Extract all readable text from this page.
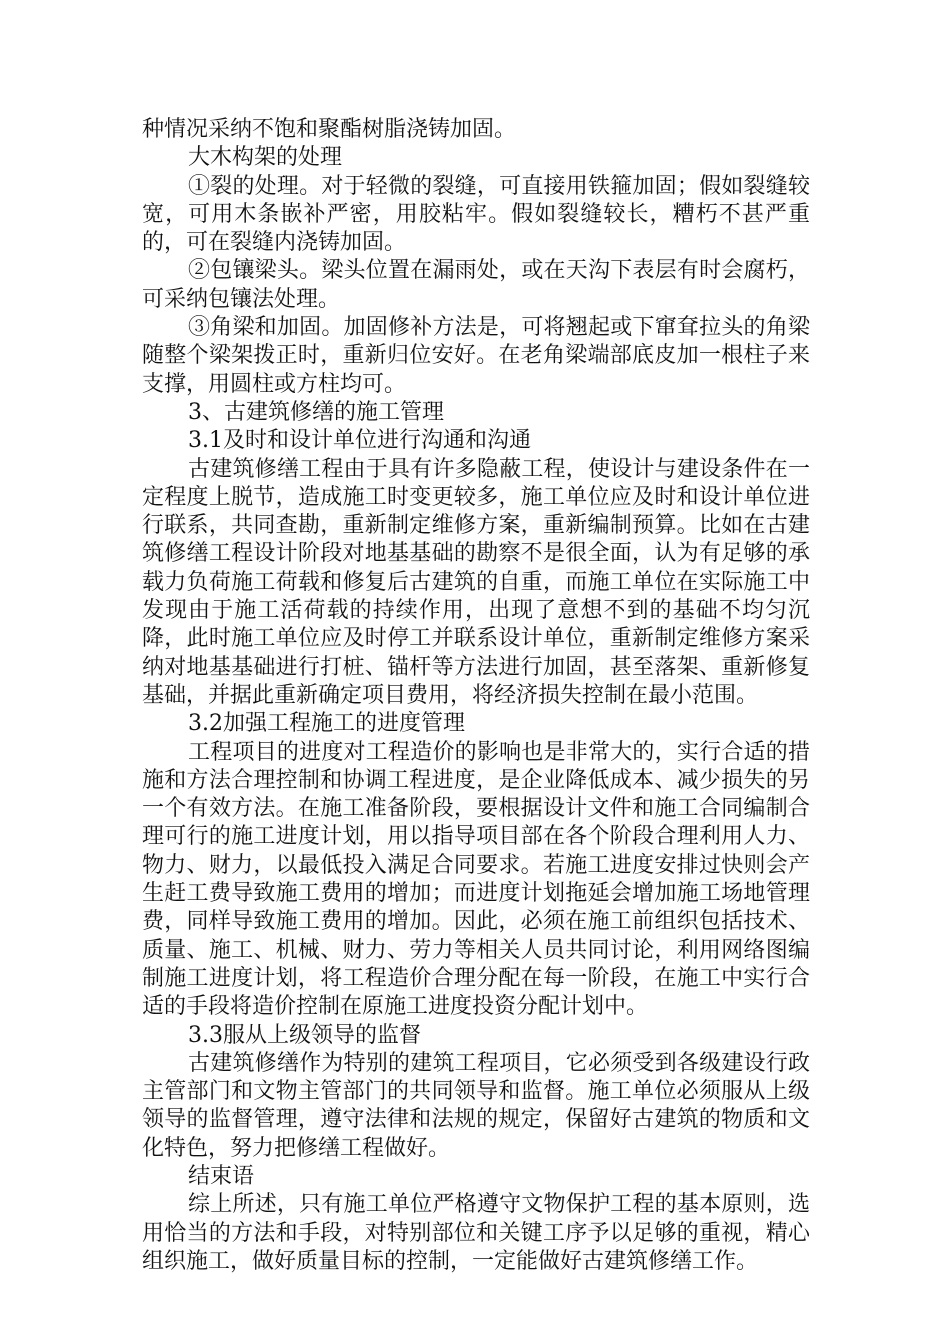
种情况采纳不饱和聚酯树脂浇铸加固。

大木构架的处理

①裂的处理。对于轻微的裂缝，可直接用铁箍加固；假如裂缝较宽，可用木条嵌补严密，用胶粘牢。假如裂缝较长，糟朽不甚严重的，可在裂缝内浇铸加固。

②包镶梁头。梁头位置在漏雨处，或在天沟下表层有时会腐朽，可采纳包镶法处理。

③角梁和加固。加固修补方法是，可将翘起或下窜耷拉头的角梁随整个梁架拨正时，重新归位安好。在老角梁端部底皮加一根柱子来支撑，用圆柱或方柱均可。

3、古建筑修缮的施工管理

3.1及时和设计单位进行沟通和沟通

古建筑修缮工程由于具有许多隐蔽工程，使设计与建设条件在一定程度上脱节，造成施工时变更较多，施工单位应及时和设计单位进行联系，共同查勘，重新制定维修方案，重新编制预算。比如在古建筑修缮工程设计阶段对地基基础的勘察不是很全面，认为有足够的承载力负荷施工荷载和修复后古建筑的自重，而施工单位在实际施工中发现由于施工活荷载的持续作用，出现了意想不到的基础不均匀沉降，此时施工单位应及时停工并联系设计单位，重新制定维修方案采纳对地基基础进行打桩、锚杆等方法进行加固，甚至落架、重新修复基础，并据此重新确定项目费用，将经济损失控制在最小范围。

3.2加强工程施工的进度管理

工程项目的进度对工程造价的影响也是非常大的，实行合适的措施和方法合理控制和协调工程进度，是企业降低成本、减少损失的另一个有效方法。在施工准备阶段，要根据设计文件和施工合同编制合理可行的施工进度计划，用以指导项目部在各个阶段合理利用人力、物力、财力，以最低投入满足合同要求。若施工进度安排过快则会产生赶工费导致施工费用的增加；而进度计划拖延会增加施工场地管理费，同样导致施工费用的增加。因此，必须在施工前组织包括技术、质量、施工、机械、财力、劳力等相关人员共同讨论，利用网络图编制施工进度计划，将工程造价合理分配在每一阶段，在施工中实行合适的手段将造价控制在原施工进度投资分配计划中。

3.3服从上级领导的监督

古建筑修缮作为特别的建筑工程项目，它必须受到各级建设行政主管部门和文物主管部门的共同领导和监督。施工单位必须服从上级领导的监督管理，遵守法律和法规的规定，保留好古建筑的物质和文化特色，努力把修缮工程做好。

结束语

综上所述，只有施工单位严格遵守文物保护工程的基本原则，选用恰当的方法和手段，对特别部位和关键工序予以足够的重视，精心组织施工，做好质量目标的控制，一定能做好古建筑修缮工作。
